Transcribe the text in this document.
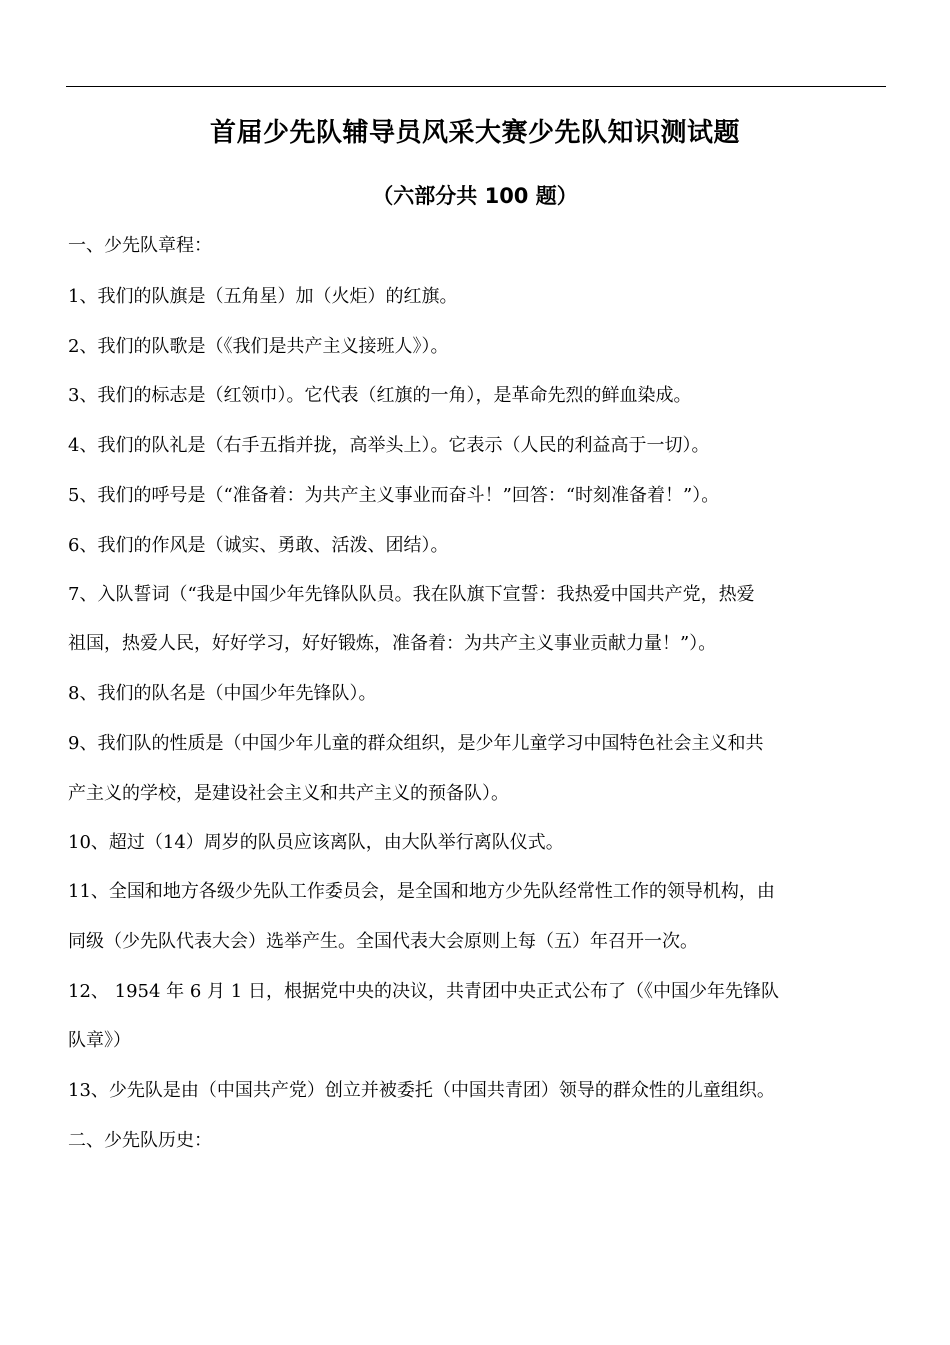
首届少先队辅导员风采大赛少先队知识测试题
（六部分共 100 题）
一、少先队章程：
1、我们的队旗是（五角星）加（火炬）的红旗。
2、我们的队歌是（《我们是共产主义接班人》）。
3、我们的标志是（红领巾）。它代表（红旗的一角），是革命先烈的鲜血染成。
4、我们的队礼是（右手五指并拢，高举头上）。它表示（人民的利益高于一切）。
5、我们的呼号是（“准备着：为共产主义事业而奋斗！”回答：“时刻准备着！”）。
6、我们的作风是（诚实、勇敢、活泼、团结）。
7、入队誓词（“我是中国少年先锋队队员。我在队旗下宣誓：我热爱中国共产党，热爱
祖国，热爱人民，好好学习，好好锻炼，准备着：为共产主义事业贡献力量！”）。
8、我们的队名是（中国少年先锋队）。
9、我们队的性质是（中国少年儿童的群众组织，是少年儿童学习中国特色社会主义和共
产主义的学校，是建设社会主义和共产主义的预备队）。
10、超过（14）周岁的队员应该离队，由大队举行离队仪式。
11、全国和地方各级少先队工作委员会，是全国和地方少先队经常性工作的领导机构，由
同级（少先队代表大会）选举产生。全国代表大会原则上每（五）年召开一次。
12、 1954 年 6 月 1 日，根据党中央的决议，共青团中央正式公布了（《中国少年先锋队
队章》）
13、少先队是由（中国共产党）创立并被委托（中国共青团）领导的群众性的儿童组织。
二、少先队历史：
